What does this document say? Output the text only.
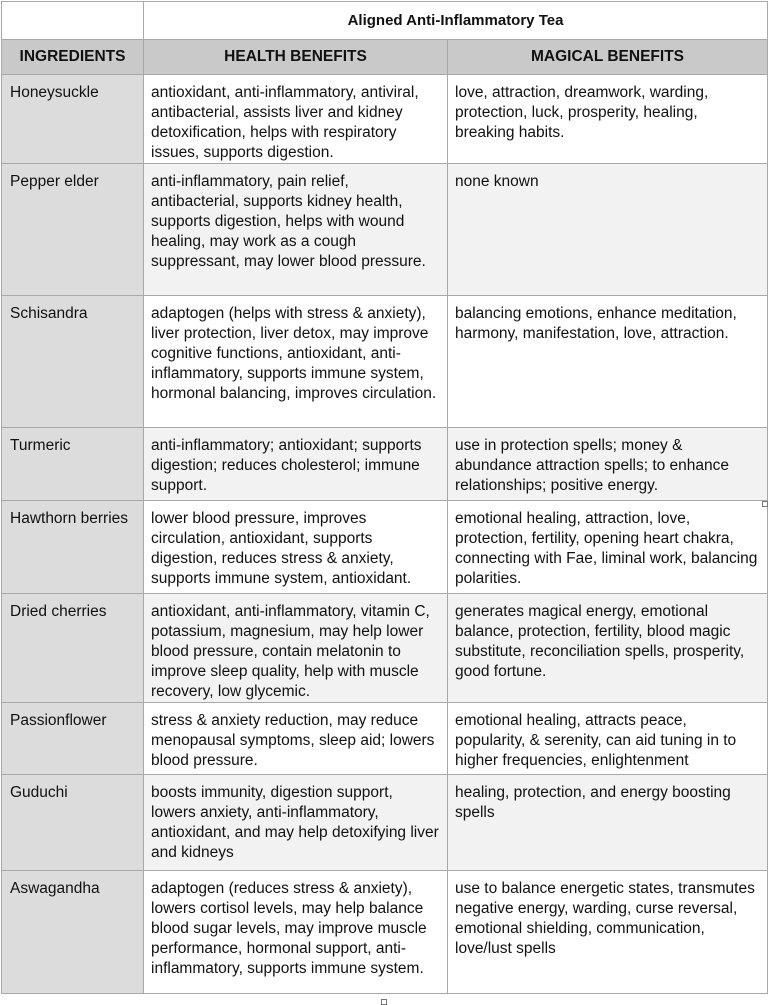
	Aligned Anti-Inflammatory Tea	
INGREDIENTS	HEALTH BENEFITS	MAGICAL BENEFITS
Honeysuckle	antioxidant, anti-inflammatory, antiviral, antibacterial, assists liver and kidney detoxification, helps with respiratory issues, supports digestion.	love, attraction, dreamwork, warding, protection, luck, prosperity, healing, breaking habits.
Pepper elder	anti-inflammatory, pain relief, antibacterial, supports kidney health, supports digestion, helps with wound healing, may work as a cough suppressant, may lower blood pressure.	none known
Schisandra	adaptogen (helps with stress & anxiety), liver protection, liver detox, may improve cognitive functions, antioxidant, anti-inflammatory, supports immune system, hormonal balancing, improves circulation.	balancing emotions, enhance meditation, harmony, manifestation, love, attraction.
Turmeric	anti-inflammatory; antioxidant; supports digestion; reduces cholesterol; immune support.	use in protection spells; money & abundance attraction spells; to enhance relationships; positive energy.
Hawthorn berries	lower blood pressure, improves circulation, antioxidant, supports digestion, reduces stress & anxiety, supports immune system, antioxidant.	emotional healing, attraction, love, protection, fertility, opening heart chakra, connecting with Fae, liminal work, balancing polarities.
Dried cherries	antioxidant, anti-inflammatory, vitamin C, potassium, magnesium, may help lower blood pressure, contain melatonin to improve sleep quality, help with muscle recovery, low glycemic.	generates magical energy, emotional balance, protection, fertility, blood magic substitute, reconciliation spells, prosperity, good fortune.
Passionflower	stress & anxiety reduction, may reduce menopausal symptoms, sleep aid; lowers blood pressure.	emotional healing, attracts peace, popularity, & serenity, can aid tuning in to higher frequencies, enlightenment
Guduchi	boosts immunity, digestion support, lowers anxiety, anti-inflammatory, antioxidant, and may help detoxifying liver and kidneys	healing, protection, and energy boosting spells
Aswagandha	adaptogen (reduces stress & anxiety), lowers cortisol levels, may help balance blood sugar levels, may improve muscle performance, hormonal support, anti-inflammatory, supports immune system.	use to balance energetic states, transmutes negative energy, warding, curse reversal, emotional shielding, communication, love/lust spells
